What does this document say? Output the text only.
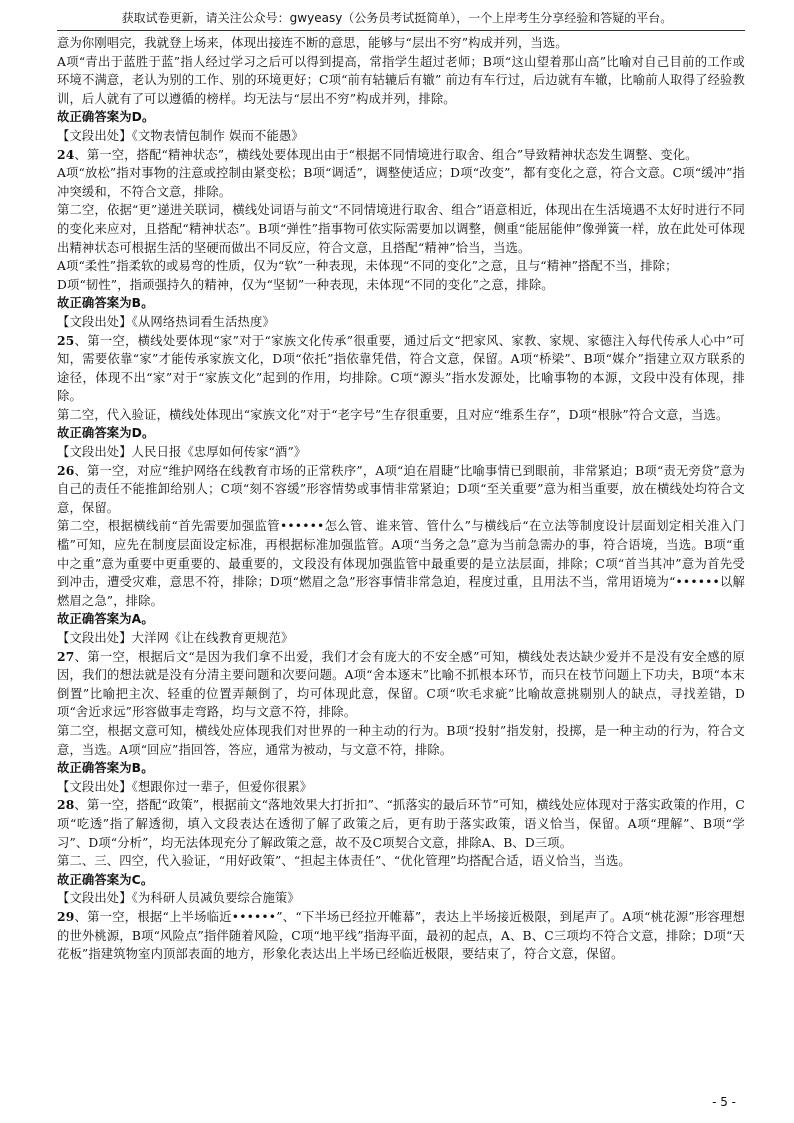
获取试卷更新，请关注公众号：gwyeasy（公务员考试挺简单），一个上岸考生分享经验和答疑的平台。

意为你刚唱完，我就登上场来，体现出接连不断的意思，能够与“层出不穷”构成并列，当选。

A项“青出于蓝胜于蓝”指人经过学习之后可以得到提高，常指学生超过老师；B项“这山望着那山高”比喻对自己目前的工作或环境不满意，老认为别的工作、别的环境更好；C项“前有轱辘后有辙” 前边有车行过，后边就有车辙，比喻前人取得了经验教训，后人就有了可以遵循的榜样。均无法与“层出不穷”构成并列，排除。

故正确答案为D。

【文段出处】《文物表情包制作 娱而不能愚》

24、第一空，搭配“精神状态”，横线处要体现出由于“根据不同情境进行取舍、组合”导致精神状态发生调整、变化。

A项“放松”指对事物的注意或控制由紧变松；B项“调适”，调整使适应；D项“改变”，都有变化之意，符合文意。C项“缓冲”指冲突缓和，不符合文意，排除。

第二空，依据“更”递进关联词，横线处词语与前文“不同情境进行取舍、组合”语意相近，体现出在生活境遇不太好时进行不同的变化来应对，且搭配“精神状态”。B项“弹性”指事物可依实际需要加以调整，侧重“能屈能伸”像弹簧一样，放在此处可体现出精神状态可根据生活的坚硬而做出不同反应，符合文意，且搭配“精神”恰当，当选。

A项“柔性”指柔软的或易弯的性质，仅为“软”一种表现，未体现“不同的变化”之意，且与“精神”搭配不当，排除；

D项“韧性”，指顽强持久的精神，仅为“坚韧”一种表现，未体现“不同的变化”之意，排除。

故正确答案为B。

【文段出处】《从网络热词看生活热度》

25、第一空，横线处要体现“家”对于“家族文化传承”很重要，通过后文“把家风、家教、家规、家德注入每代传承人心中”可知，需要依靠“家”才能传承家族文化，D项“依托”指依靠凭借，符合文意，保留。A项“桥梁”、B项“媒介”指建立双方联系的途径，体现不出“家”对于“家族文化”起到的作用，均排除。C项“源头”指水发源处，比喻事物的本源，文段中没有体现，排除。

第二空，代入验证，横线处体现出“家族文化”对于“老字号”生存很重要，且对应“维系生存”，D项“根脉”符合文意，当选。

故正确答案为D。

【文段出处】人民日报《忠厚如何传家“酒”》

26、第一空，对应“维护网络在线教育市场的正常秩序”，A项“迫在眉睫”比喻事情已到眼前，非常紧迫；B项“责无旁贷”意为自己的责任不能推卸给别人；C项“刻不容缓”形容情势或事情非常紧迫；D项“至关重要”意为相当重要，放在横线处均符合文意，保留。

第二空，根据横线前“首先需要加强监管••••••怎么管、谁来管、管什么”与横线后“在立法等制度设计层面划定相关准入门槛”可知，应先在制度层面设定标准，再根据标准加强监管。A项“当务之急”意为当前急需办的事，符合语境，当选。B项“重中之重”意为重要中更重要的、最重要的，文段没有体现加强监管中最重要的是立法层面，排除；C项“首当其冲”意为首先受到冲击，遭受灾难，意思不符，排除；D项“燃眉之急”形容事情非常急迫，程度过重，且用法不当，常用语境为“••••••以解燃眉之急”，排除。

故正确答案为A。

【文段出处】大洋网《让在线教育更规范》

27、第一空，根据后文“是因为我们拿不出爱，我们才会有庞大的不安全感”可知，横线处表达缺少爱并不是没有安全感的原因，我们的想法就是没有分清主要问题和次要问题。A项“舍本逐末”比喻不抓根本环节，而只在枝节问题上下功夫，B项“本末倒置”比喻把主次、轻重的位置弄颠倒了，均可体现此意，保留。C项“吹毛求疵”比喻故意挑剔别人的缺点，寻找差错，D项“舍近求远”形容做事走弯路，均与文意不符，排除。

第二空，根据文意可知，横线处应体现我们对世界的一种主动的行为。B项“投射”指发射，投掷，是一种主动的行为，符合文意，当选。A项“回应”指回答，答应，通常为被动，与文意不符，排除。

故正确答案为B。

【文段出处】《想跟你过一辈子，但爱你很累》

28、第一空，搭配“政策”，根据前文“落地效果大打折扣”、“抓落实的最后环节”可知，横线处应体现对于落实政策的作用，C项“吃透”指了解透彻，填入文段表达在透彻了解了政策之后，更有助于落实政策，语义恰当，保留。A项“理解”、B项“学习”、D项“分析”，均无法体现充分了解政策之意，故不及C项契合文意，排除A、B、D三项。

第二、三、四空，代入验证，“用好政策”、“担起主体责任”、“优化管理”均搭配合适，语义恰当，当选。

故正确答案为C。

【文段出处】《为科研人员减负要综合施策》

29、第一空，根据“上半场临近••••••”、“下半场已经拉开帷幕”，表达上半场接近极限，到尾声了。A项“桃花源”形容理想的世外桃源，B项“风险点”指伴随着风险，C项“地平线”指海平面，最初的起点，A、B、C三项均不符合文意，排除；D项“天花板”指建筑物室内顶部表面的地方，形象化表达出上半场已经临近极限，要结束了，符合文意，保留。

- 5 -
